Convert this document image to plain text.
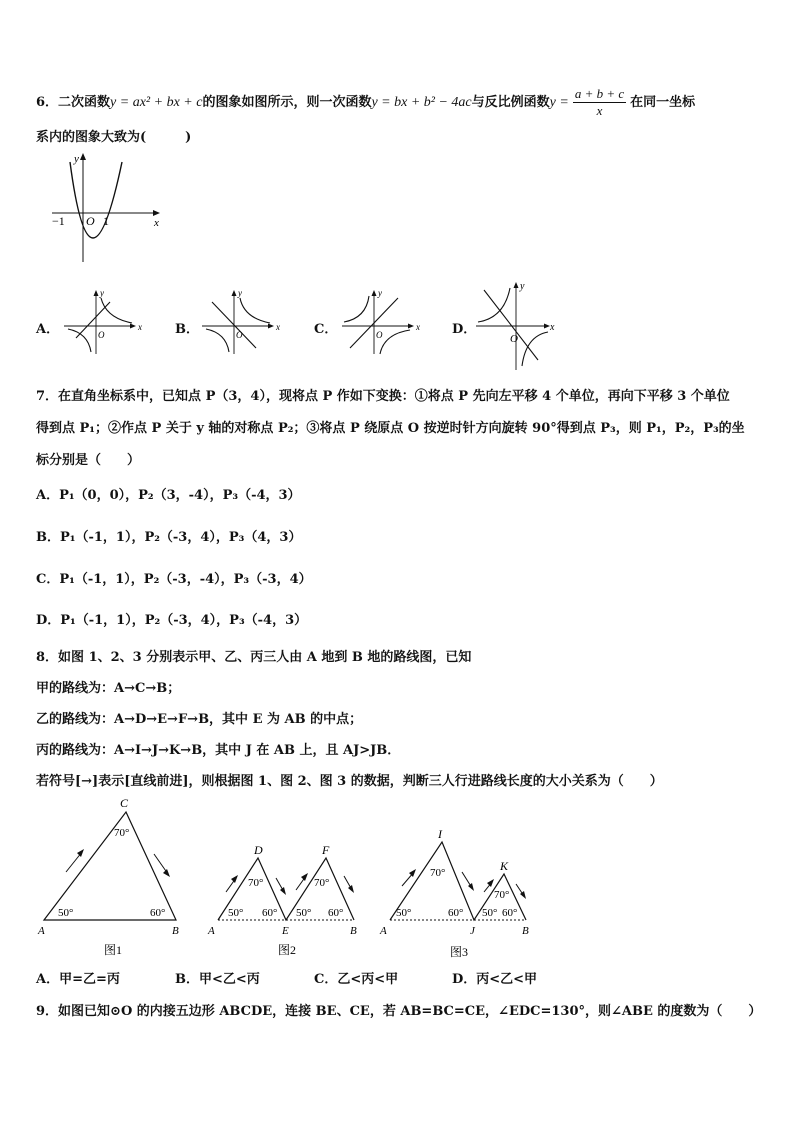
6．二次函数y = ax² + bx + c的图象如图所示，则一次函数y = bx + b² − 4ac与反比例函数$y = \frac{a + b + c}{x}$ 在同一坐标
系内的图象大致为(　　　)
y
x
O
−1	1
A．	B．	C．	D．
y
x
O
y
x
O
y
x
O
y
x
O
7．在直角坐标系中，已知点 P（3，4），现将点 P 作如下变换：①将点 P 先向左平移 4 个单位，再向下平移 3 个单位
得到点 P₁；②作点 P 关于 y 轴的对称点 P₂；③将点 P 绕原点 O 按逆时针方向旋转 90°得到点 P₃，则 P₁，P₂，P₃的坐
标分别是（　　）
A．P₁（0，0），P₂（3，-4），P₃（-4，3）
B．P₁（-1，1），P₂（-3，4），P₃（4，3）
C．P₁（-1，1），P₂（-3，-4），P₃（-3，4）
D．P₁（-1，1），P₂（-3，4），P₃（-4，3）
8．如图 1、2、3 分别表示甲、乙、丙三人由 A 地到 B 地的路线图，已知
甲的路线为：A→C→B；
乙的路线为：A→D→E→F→B，其中 E 为 AB 的中点；
丙的路线为：A→I→J→K→B，其中 J 在 AB 上，且 AJ>JB．
若符号[→]表示[直线前进]，则根据图 1、图 2、图 3 的数据，判断三人行进路线长度的大小关系为（　　）
C
70°
50°	60°
A	B
图1
D	F
70°	70°
50° 60° 50° 60°
A	E	B
图2
I
K
70°
70°
50°	60° 50° 60°
A	J	B
图3
A．甲=乙=丙	B．甲<乙<丙	C．乙<丙<甲	D．丙<乙<甲
9．如图已知⊙O 的内接五边形 ABCDE，连接 BE、CE，若 AB=BC=CE，∠EDC=130°，则∠ABE 的度数为（　　）
